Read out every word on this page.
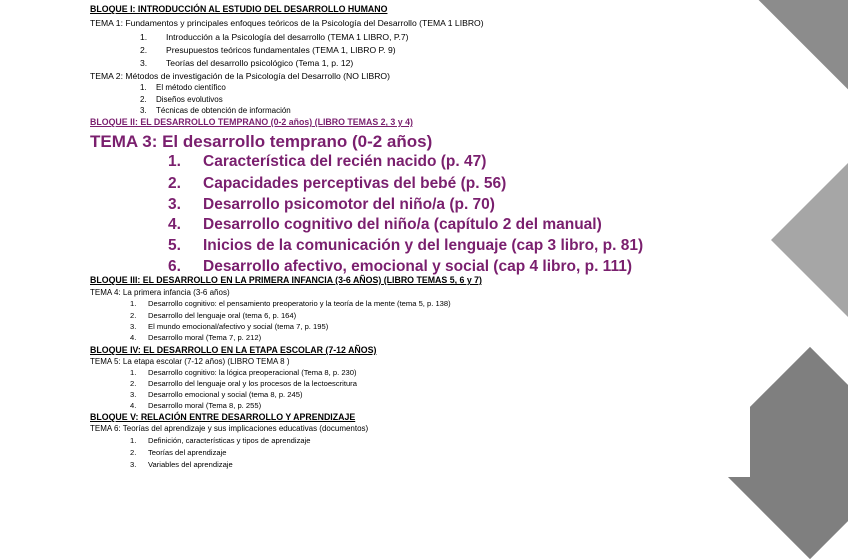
BLOQUE I: INTRODUCCIÓN AL ESTUDIO DEL DESARROLLO HUMANO
TEMA 1: Fundamentos y principales enfoques teóricos de la Psicología del Desarrollo (TEMA 1 LIBRO)
1. Introducción a la Psicología del desarrollo (TEMA 1 LIBRO, P.7)
2. Presupuestos teóricos fundamentales (TEMA 1, LIBRO P. 9)
3. Teorías del desarrollo psicológico (Tema 1, p. 12)
TEMA 2: Métodos de investigación de la Psicología del Desarrollo (NO LIBRO)
1. El método científico
2. Diseños evolutivos
3. Técnicas de obtención de información
BLOQUE II: EL DESARROLLO TEMPRANO (0-2 años) (LIBRO TEMAS 2, 3 y 4)
TEMA 3: El desarrollo temprano (0-2 años)
1. Característica del recién nacido (p. 47)
2. Capacidades perceptivas del bebé (p. 56)
3. Desarrollo psicomotor del niño/a (p. 70)
4. Desarrollo cognitivo del niño/a (capítulo 2 del manual)
5. Inicios de la comunicación y del lenguaje (cap 3 libro, p. 81)
6. Desarrollo afectivo, emocional y social (cap 4 libro, p. 111)
BLOQUE III: EL DESARROLLO EN LA PRIMERA INFANCIA (3-6 AÑOS) (LIBRO TEMAS 5, 6 y 7)
TEMA 4: La primera infancia (3-6 años)
1. Desarrollo cognitivo: el pensamiento preoperatorio y la teoría de la mente (tema 5, p. 138)
2. Desarrollo del lenguaje oral (tema 6, p. 164)
3. El mundo emocional/afectivo y social (tema 7, p. 195)
4. Desarrollo moral (Tema 7, p. 212)
BLOQUE IV: EL DESARROLLO EN LA ETAPA ESCOLAR (7-12 AÑOS)
TEMA 5: La etapa escolar (7-12 años) (LIBRO TEMA 8 )
1. Desarrollo cognitivo: la lógica preoperacional (Tema 8, p. 230)
2. Desarrollo del lenguaje oral y los procesos de la lectoescritura
3. Desarrollo emocional y social (tema 8, p. 245)
4. Desarrollo moral (Tema 8, p. 255)
BLOQUE V: RELACIÓN ENTRE DESARROLLO Y APRENDIZAJE
TEMA 6: Teorías del aprendizaje y sus implicaciones educativas (documentos)
1. Definición, características y tipos de aprendizaje
2. Teorías del aprendizaje
3. Variables del aprendizaje
